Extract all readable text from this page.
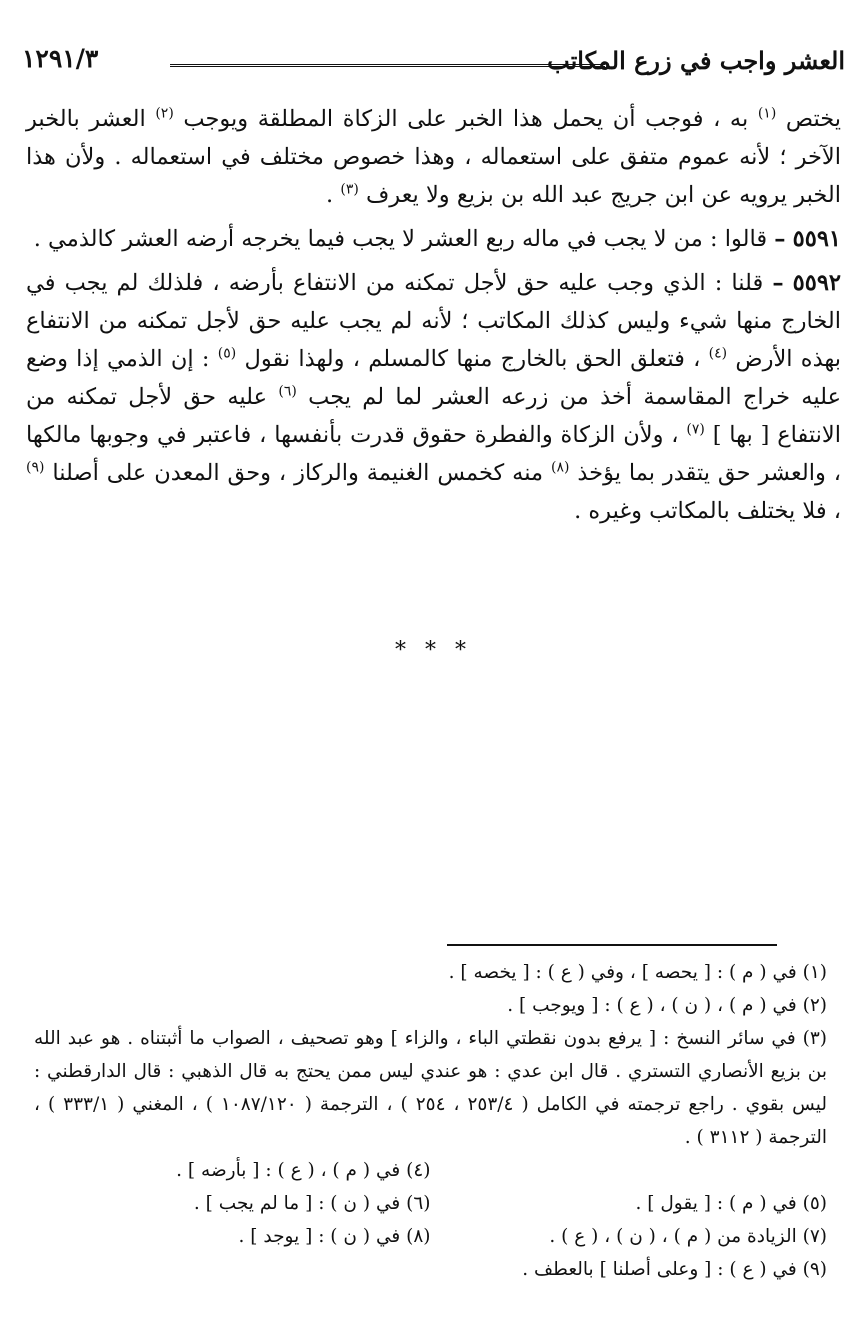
العشر واجب في زرع المكاتب
١٢٩١/٣

يختص $^{(١)}$ به ، فوجب أن يحمل هذا الخبر على الزكاة المطلقة ويوجب $^{(٢)}$ العشر بالخبر الآخر ؛ لأنه عموم متفق على استعماله ، وهذا خصوص مختلف في استعماله . ولأن هذا الخبر يرويه عن ابن جريج عبد الله بن بزيع ولا يعرف $^{(٣)}$ .

٥٥٩١ – قالوا : من لا يجب في ماله ربع العشر لا يجب فيما يخرجه أرضه العشر كالذمي .

٥٥٩٢ – قلنا : الذي وجب عليه حق لأجل تمكنه من الانتفاع بأرضه ، فلذلك لم يجب في الخارج منها شيء وليس كذلك المكاتب ؛ لأنه لم يجب عليه حق لأجل تمكنه من الانتفاع بهذه الأرض $^{(٤)}$ ، فتعلق الحق بالخارج منها كالمسلم ، ولهذا نقول $^{(٥)}$ : إن الذمي إذا وضع عليه خراج المقاسمة أخذ من زرعه العشر لما لم يجب $^{(٦)}$ عليه حق لأجل تمكنه من الانتفاع [ بها ] $^{(٧)}$ ، ولأن الزكاة والفطرة حقوق قدرت بأنفسها ، فاعتبر في وجوبها مالكها ، والعشر حق يتقدر بما يؤخذ $^{(٨)}$ منه كخمس الغنيمة والركاز ، وحق المعدن على أصلنا $^{(٩)}$ ، فلا يختلف بالمكاتب وغيره .

* * *

(١) في ( م ) : [ يحصه ] ، وفي ( ع ) : [ يخصه ] .

(٢) في ( م ) ، ( ن ) ، ( ع ) : [ ويوجب ] .

(٣) في سائر النسخ : [ يرفع بدون نقطتي الباء ، والزاء ] وهو تصحيف ، الصواب ما أثبتناه . هو عبد الله بن بزيع الأنصاري التستري . قال ابن عدي : هو عندي ليس ممن يحتج به قال الذهبي : قال الدارقطني : ليس بقوي . راجع ترجمته في الكامل ( ٢٥٣/٤ ، ٢٥٤ ) ، الترجمة ( ١٠٨٧/١٢٠ ) ، المغني ( ٣٣٣/١ ) ، الترجمة ( ٣١١٢ ) .

(٤) في ( م ) ، ( ع ) : [ بأرضه ] .
(٥) في ( م ) : [ يقول ] .
(٦) في ( ن ) : [ ما لم يجب ] .
(٧) الزيادة من ( م ) ، ( ن ) ، ( ع ) .
(٨) في ( ن ) : [ يوجد ] .

(٩) في ( ع ) : [ وعلى أصلنا ] بالعطف .
